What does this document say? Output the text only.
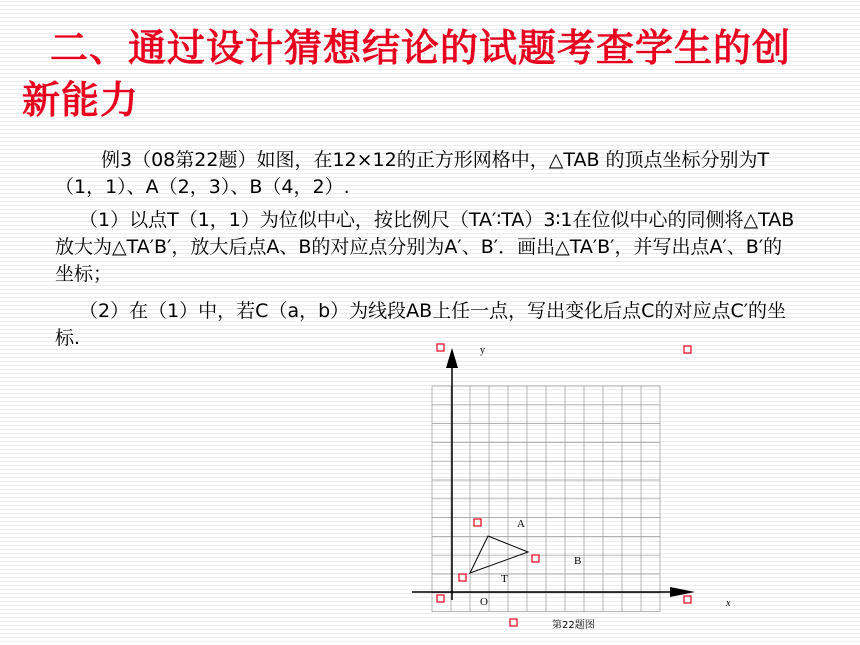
二、通过设计猜想结论的试题考查学生的创
新能力
例3（08第22题）如图，在12×12的正方形网格中，△TAB 的顶点坐标分别为T（1，1）、A（2，3）、B（4，2）.
（1）以点T（1，1）为位似中心，按比例尺（TA′∶TA）3∶1在位似中心的同侧将△TAB放大为△TA′B′，放大后点A、B的对应点分别为A′、B′．画出△TA′B′，并写出点A′、B′的坐标；
（2）在（1）中，若C（a，b）为线段AB上任一点，写出变化后点C的对应点C′的坐标.
y
x
O
A
B
T
第22题图
